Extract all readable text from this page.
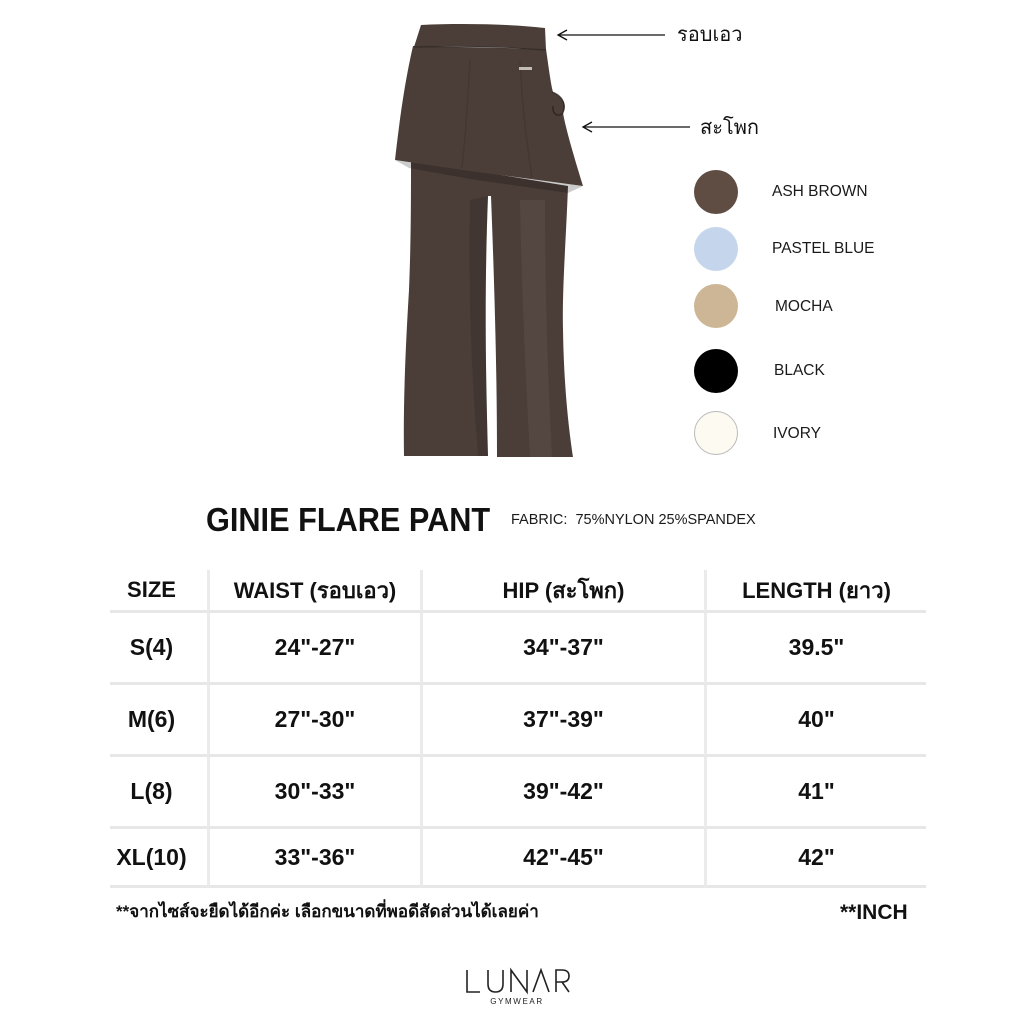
รอบเอว
สะโพก
ASH BROWN
PASTEL BLUE
MOCHA
BLACK
IVORY
GINIE FLARE PANT FABRIC:  75%NYLON 25%SPANDEX
SIZE	WAIST (รอบเอว)	HIP (สะโพก)	LENGTH (ยาว)
S(4)	24"-27"	34"-37"	39.5"
M(6)	27"-30"	37"-39"	40"
L(8)	30"-33"	39"-42"	41"
XL(10)	33"-36"	42"-45"	42"
**จากไซส์จะยืดได้อีกค่ะ เลือกขนาดที่พอดีสัดส่วนได้เลยค่า	**INCH
GYMWEAR
